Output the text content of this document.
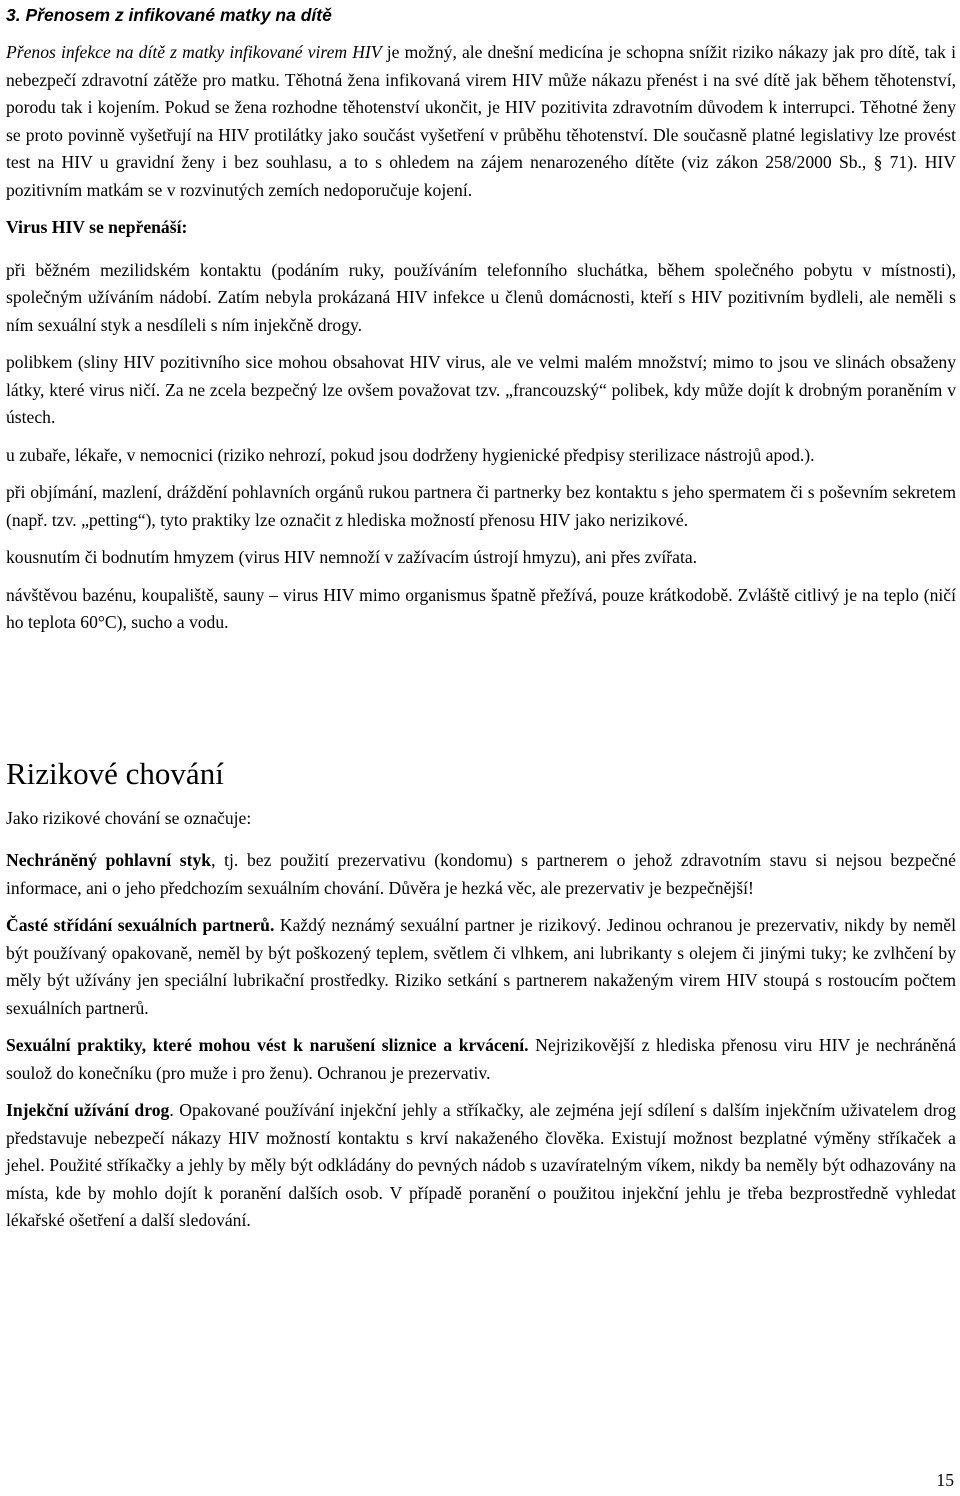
3. Přenosem z infikované matky na dítě

Přenos infekce na dítě z matky infikované virem HIV je možný, ale dnešní medicína je schopna snížit riziko nákazy jak pro dítě, tak i nebezpečí zdravotní zátěže pro matku. Těhotná žena infikovaná virem HIV může nákazu přenést i na své dítě jak během těhotenství, porodu tak i kojením. Pokud se žena rozhodne těhotenství ukončit, je HIV pozitivita zdravotním důvodem k interrupci. Těhotné ženy se proto povinně vyšetřují na HIV protilátky jako součást vyšetření v průběhu těhotenství. Dle současně platné legislativy lze provést test na HIV u gravidní ženy i bez souhlasu, a to s ohledem na zájem nenarozeného dítěte (viz zákon 258/2000 Sb., § 71). HIV pozitivním matkám se v rozvinutých zemích nedoporučuje kojení.

Virus HIV se nepřenáší:

při běžném mezilidském kontaktu (podáním ruky, používáním telefonního sluchátka, během společného pobytu v místnosti), společným užíváním nádobí. Zatím nebyla prokázaná HIV infekce u členů domácnosti, kteří s HIV pozitivním bydleli, ale neměli s ním sexuální styk a nesdíleli s ním injekčně drogy.

polibkem (sliny HIV pozitivního sice mohou obsahovat HIV virus, ale ve velmi malém množství; mimo to jsou ve slinách obsaženy látky, které virus ničí. Za ne zcela bezpečný lze ovšem považovat tzv. „francouzský“ polibek, kdy může dojít k drobným poraněním v ústech.

u zubaře, lékaře, v nemocnici (riziko nehrozí, pokud jsou dodrženy hygienické předpisy sterilizace nástrojů apod.).

při objímání, mazlení, dráždění pohlavních orgánů rukou partnera či partnerky bez kontaktu s jeho spermatem či s poševním sekretem (např. tzv. „petting“), tyto praktiky lze označit z hlediska možností přenosu HIV jako nerizikové.

kousnutím či bodnutím hmyzem (virus HIV nemnoží v zažívacím ústrojí hmyzu), ani přes zvířata.

návštěvou bazénu, koupaliště, sauny – virus HIV mimo organismus špatně přežívá, pouze krátkodobě. Zvláště citlivý je na teplo (ničí ho teplota 60°C), sucho a vodu.

Rizikové chování

Jako rizikové chování se označuje:

Nechráněný pohlavní styk, tj. bez použití prezervativu (kondomu) s partnerem o jehož zdravotním stavu si nejsou bezpečné informace, ani o jeho předchozím sexuálním chování. Důvěra je hezká věc, ale prezervativ je bezpečnější!

Časté střídání sexuálních partnerů. Každý neznámý sexuální partner je rizikový. Jedinou ochranou je prezervativ, nikdy by neměl být používaný opakovaně, neměl by být poškozený teplem, světlem či vlhkem, ani lubrikanty s olejem či jinými tuky; ke zvlhčení by měly být užívány jen speciální lubrikační prostředky. Riziko setkání s partnerem nakaženým virem HIV stoupá s rostoucím počtem sexuálních partnerů.

Sexuální praktiky, které mohou vést k narušení sliznice a krvácení. Nejrizikovější z hlediska přenosu viru HIV je nechráněná soulož do konečníku (pro muže i pro ženu). Ochranou je prezervativ.

Injekční užívání drog. Opakované používání injekční jehly a stříkačky, ale zejména její sdílení s dalším injekčním uživatelem drog představuje nebezpečí nákazy HIV možností kontaktu s krví nakaženého člověka. Existují možnost bezplatné výměny stříkaček a jehel. Použité stříkačky a jehly by měly být odkládány do pevných nádob s uzavíratelným víkem, nikdy ba neměly být odhazovány na místa, kde by mohlo dojít k poranění dalších osob. V případě poranění o použitou injekční jehlu je třeba bezprostředně vyhledat lékařské ošetření a další sledování.

15
